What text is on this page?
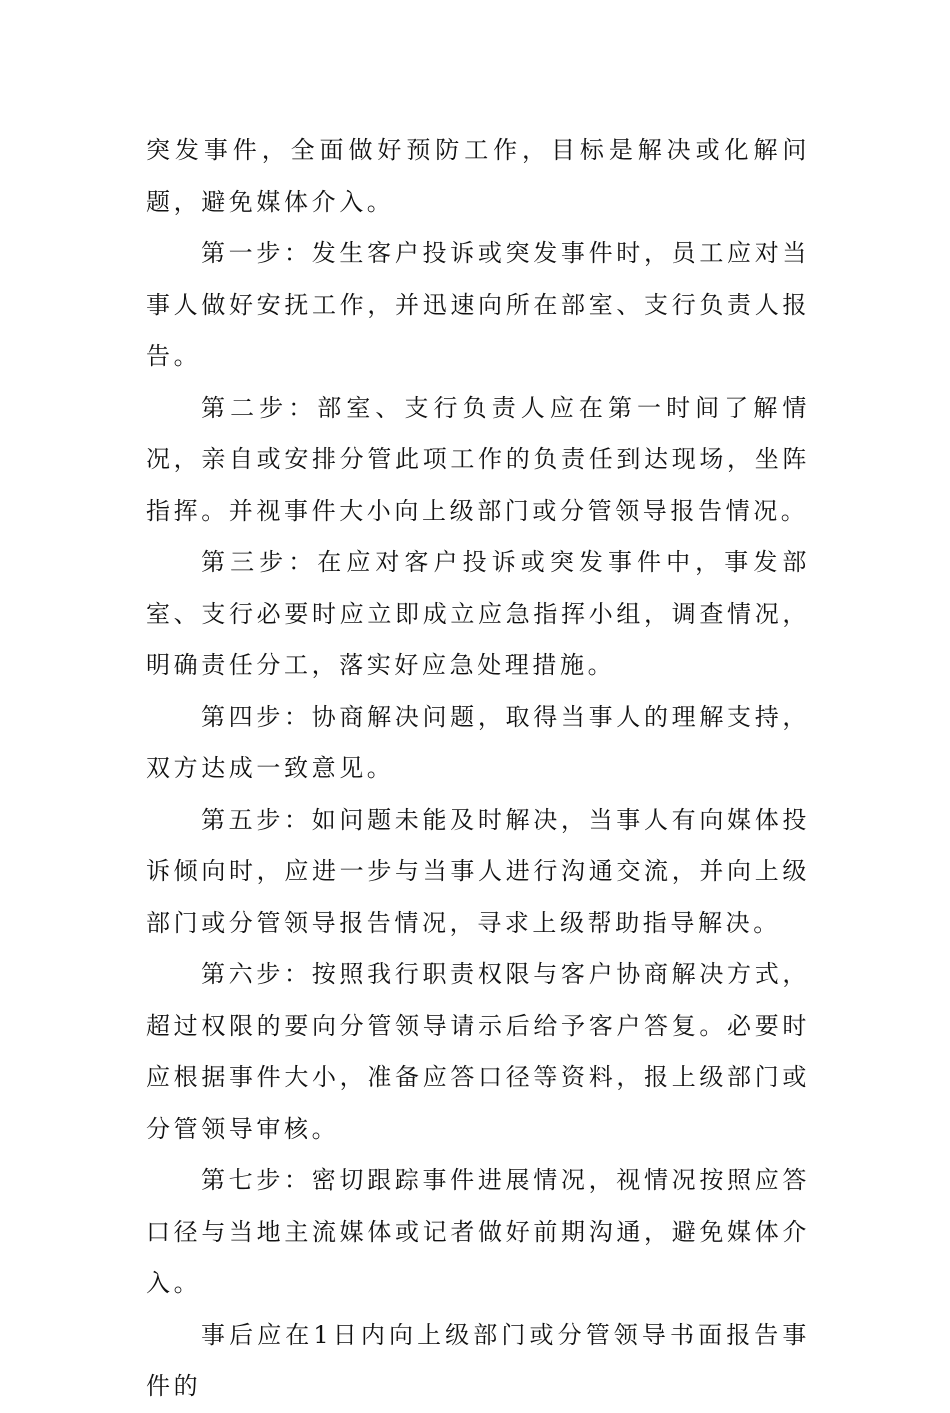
突发事件，全面做好预防工作，目标是解决或化解问题，避免媒体介入。

第一步：发生客户投诉或突发事件时，员工应对当事人做好安抚工作，并迅速向所在部室、支行负责人报告。

第二步：部室、支行负责人应在第一时间了解情况，亲自或安排分管此项工作的负责任到达现场，坐阵指挥。并视事件大小向上级部门或分管领导报告情况。

第三步：在应对客户投诉或突发事件中，事发部室、支行必要时应立即成立应急指挥小组，调查情况，明确责任分工，落实好应急处理措施。

第四步：协商解决问题，取得当事人的理解支持，双方达成一致意见。

第五步：如问题未能及时解决，当事人有向媒体投诉倾向时，应进一步与当事人进行沟通交流，并向上级部门或分管领导报告情况，寻求上级帮助指导解决。

第六步：按照我行职责权限与客户协商解决方式，超过权限的要向分管领导请示后给予客户答复。必要时应根据事件大小，准备应答口径等资料，报上级部门或分管领导审核。

第七步：密切跟踪事件进展情况，视情况按照应答口径与当地主流媒体或记者做好前期沟通，避免媒体介入。

事后应在1日内向上级部门或分管领导书面报告事件的
